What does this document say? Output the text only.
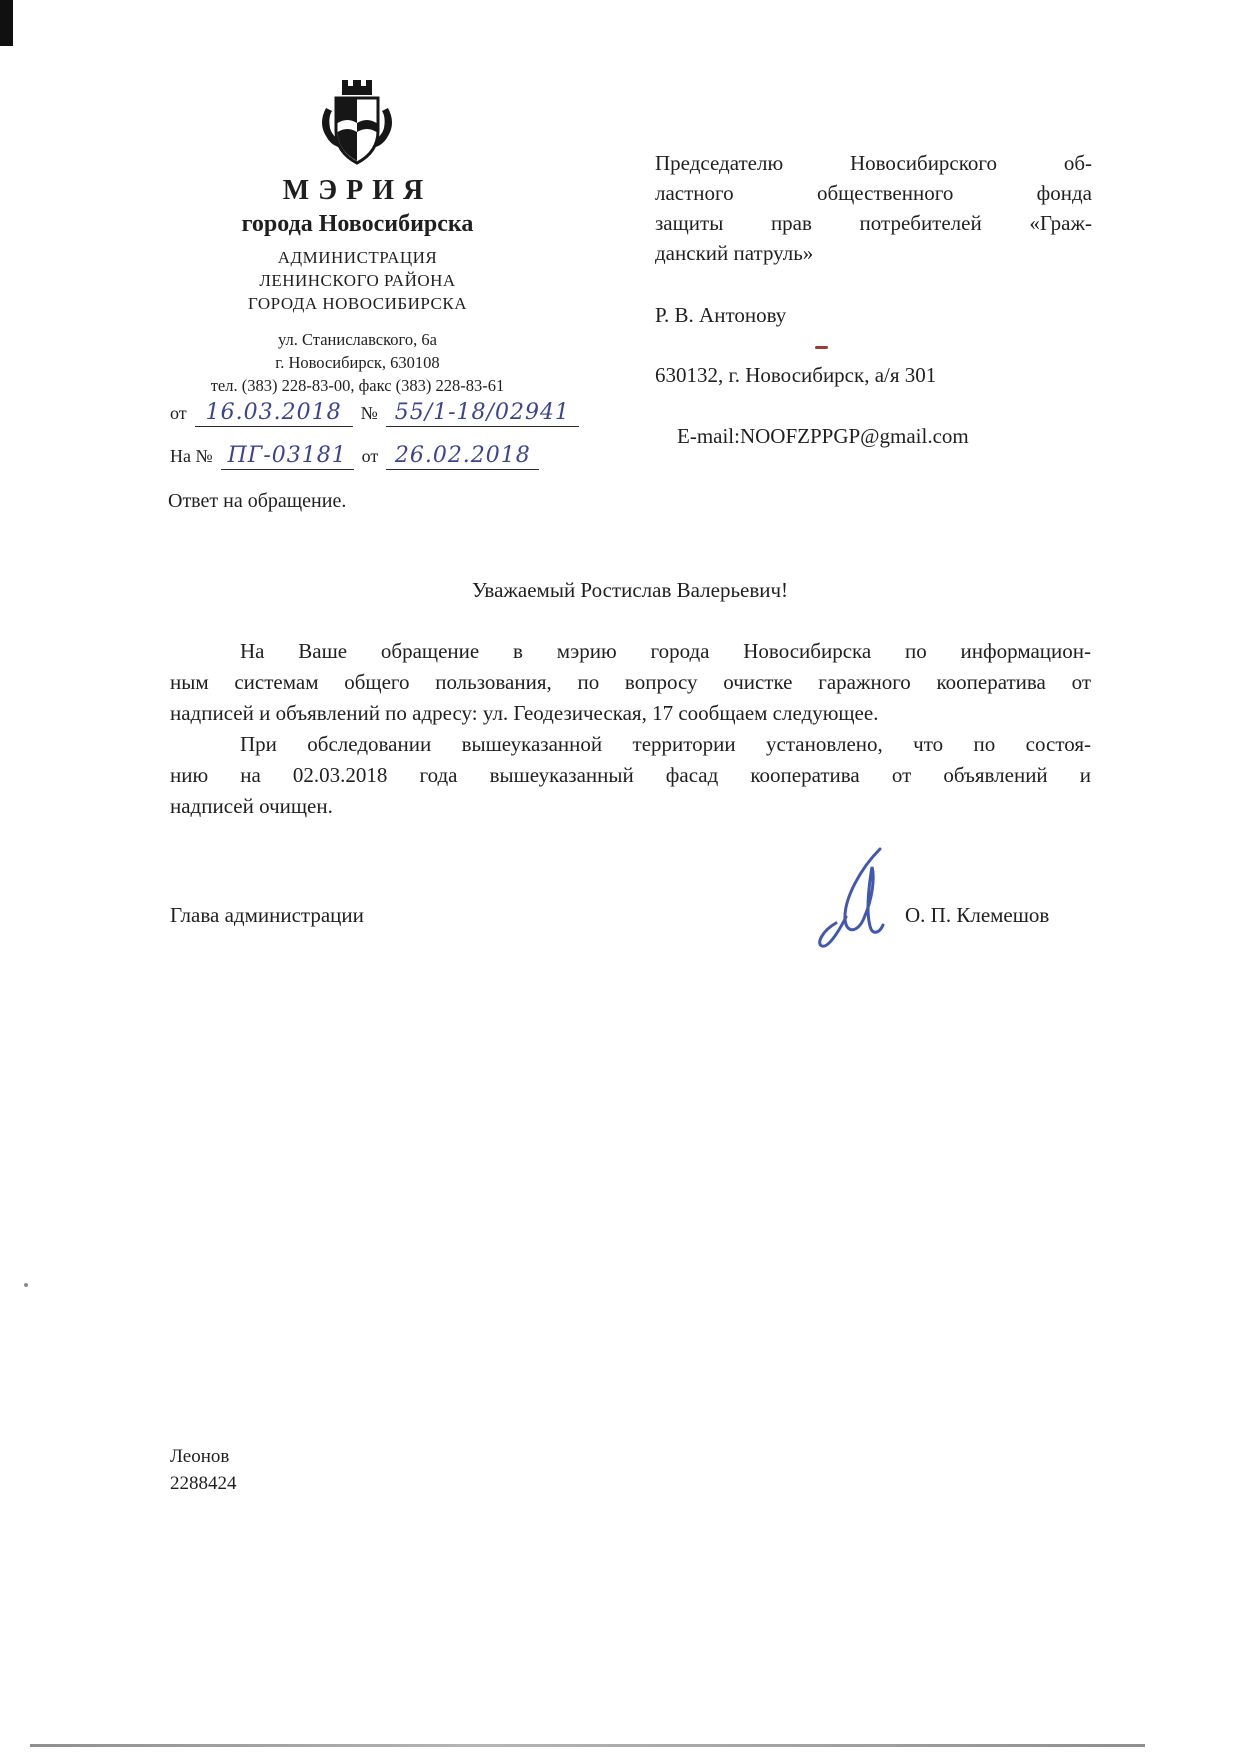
МЭРИЯ
города Новосибирска
АДМИНИСТРАЦИЯ
ЛЕНИНСКОГО РАЙОНА
ГОРОДА НОВОСИБИРСКА
ул. Станиславского, 6а
г. Новосибирск, 630108
тел. (383) 228-83-00, факс (383) 228-83-61
от 16.03.2018	№ 55/1-18/02941
На № ПГ-03181 от 26.02.2018
Ответ на обращение.
Председателю Новосибирского об-
ластного общественного фонда
защиты прав потребителей «Граж-
данский патруль»
Р. В. Антонову
630132, г. Новосибирск, а/я 301
E-mail:NOOFZPPGP@gmail.com
Уважаемый Ростислав Валерьевич!
На Ваше обращение в мэрию города Новосибирска по информацион-
ным системам общего пользования, по вопросу очистке гаражного кооператива от
надписей и объявлений по адресу: ул. Геодезическая, 17 сообщаем следующее.
При обследовании вышеуказанной территории установлено, что по состоя-
нию на 02.03.2018 года вышеуказанный фасад кооператива от объявлений и
надписей очищен.
Глава администрации	О. П. Клемешов
Леонов
2288424
